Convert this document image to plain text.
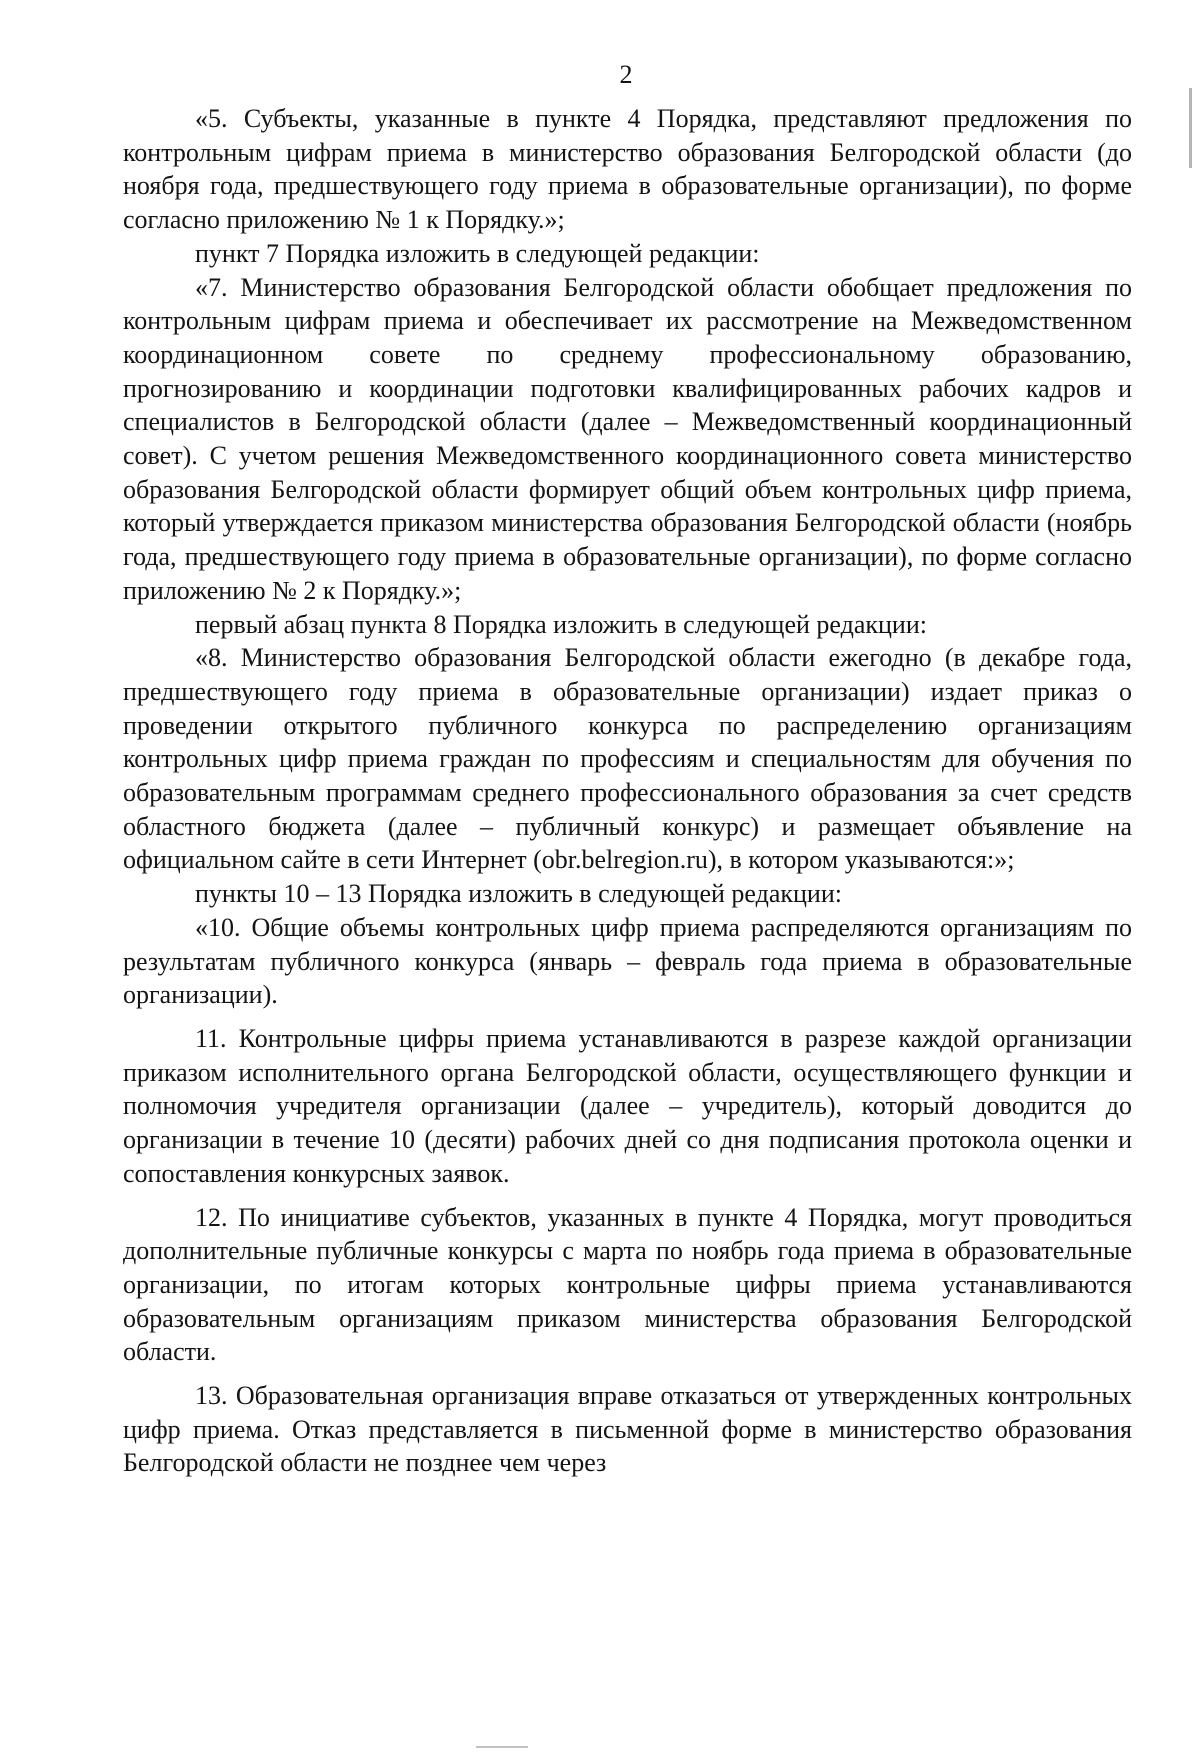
2

«5. Субъекты, указанные в пункте 4 Порядка, представляют предложения по контрольным цифрам приема в министерство образования Белгородской области (до ноября года, предшествующего году приема в образовательные организации), по форме согласно приложению № 1 к Порядку.»;

пункт 7 Порядка изложить в следующей редакции:

«7. Министерство образования Белгородской области обобщает предложения по контрольным цифрам приема и обеспечивает их рассмотрение на Межведомственном координационном совете по среднему профессиональному образованию, прогнозированию и координации подготовки квалифицированных рабочих кадров и специалистов в Белгородской области (далее – Межведомственный координационный совет). С учетом решения Межведомственного координационного совета министерство образования Белгородской области формирует общий объем контрольных цифр приема, который утверждается приказом министерства образования Белгородской области (ноябрь года, предшествующего году приема в образовательные организации), по форме согласно приложению № 2 к Порядку.»;

первый абзац пункта 8 Порядка изложить в следующей редакции:

«8. Министерство образования Белгородской области ежегодно (в декабре года, предшествующего году приема в образовательные организации) издает приказ о проведении открытого публичного конкурса по распределению организациям контрольных цифр приема граждан по профессиям и специальностям для обучения по образовательным программам среднего профессионального образования за счет средств областного бюджета (далее – публичный конкурс) и размещает объявление на официальном сайте в сети Интернет (obr.belregion.ru), в котором указываются:»;

пункты 10 – 13 Порядка изложить в следующей редакции:

«10. Общие объемы контрольных цифр приема распределяются организациям по результатам публичного конкурса (январь – февраль года приема в образовательные организации).

11. Контрольные цифры приема устанавливаются в разрезе каждой организации приказом исполнительного органа Белгородской области, осуществляющего функции и полномочия учредителя организации (далее – учредитель), который доводится до организации в течение 10 (десяти) рабочих дней со дня подписания протокола оценки и сопоставления конкурсных заявок.

12. По инициативе субъектов, указанных в пункте 4 Порядка, могут проводиться дополнительные публичные конкурсы с марта по ноябрь года приема в образовательные организации, по итогам которых контрольные цифры приема устанавливаются образовательным организациям приказом министерства образования Белгородской области.

13. Образовательная организация вправе отказаться от утвержденных контрольных цифр приема. Отказ представляется в письменной форме в министерство образования Белгородской области не позднее чем через
